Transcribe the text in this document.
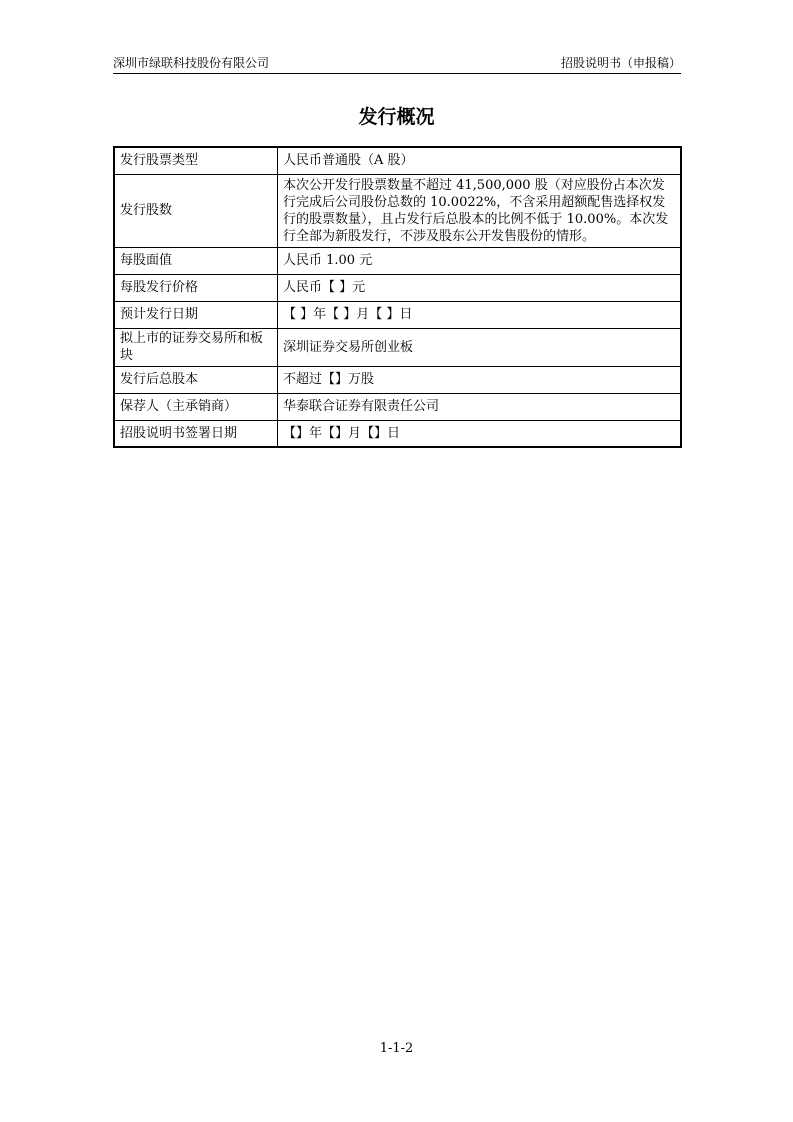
深圳市绿联科技股份有限公司	招股说明书（申报稿）
发行概况
发行股票类型	人民币普通股（A 股）
发行股数	本次公开发行股票数量不超过 41,500,000 股（对应股份占本次发行完成后公司股份总数的 10.0022%，不含采用超额配售选择权发行的股票数量），且占发行后总股本的比例不低于 10.00%。本次发行全部为新股发行，不涉及股东公开发售股份的情形。
每股面值	人民币 1.00 元
每股发行价格	人民币【 】元
预计发行日期	【 】年【 】月【 】日
拟上市的证券交易所和板块	深圳证券交易所创业板
发行后总股本	不超过【】万股
保荐人（主承销商）	华泰联合证券有限责任公司
招股说明书签署日期	【】年【】月【】日
1-1-2
